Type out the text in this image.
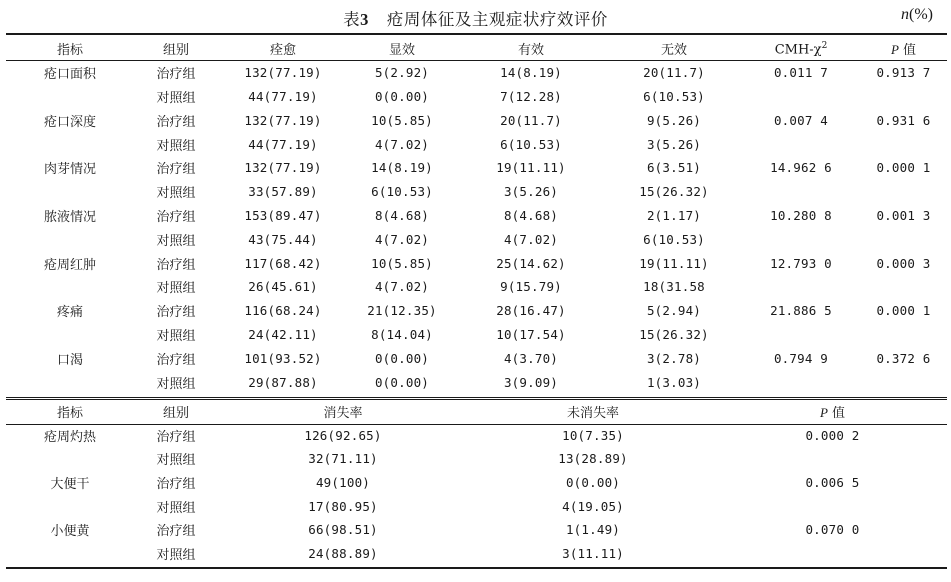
表3 疮周体征及主观症状疗效评价	n(%)
指标	组别	痊愈	显效	有效	无效	CMH-$\chi^2$	P 值
疮口面积	治疗组	132(77.19)	5(2.92)	14(8.19)	20(11.7)	0.011 7	0.913 7
	对照组	44(77.19)	0(0.00)	7(12.28)	6(10.53)		
疮口深度	治疗组	132(77.19)	10(5.85)	20(11.7)	9(5.26)	0.007 4	0.931 6
	对照组	44(77.19)	4(7.02)	6(10.53)	3(5.26)		
肉芽情况	治疗组	132(77.19)	14(8.19)	19(11.11)	6(3.51)	14.962 6	0.000 1
	对照组	33(57.89)	6(10.53)	3(5.26)	15(26.32)		
脓液情况	治疗组	153(89.47)	8(4.68)	8(4.68)	2(1.17)	10.280 8	0.001 3
	对照组	43(75.44)	4(7.02)	4(7.02)	6(10.53)		
疮周红肿	治疗组	117(68.42)	10(5.85)	25(14.62)	19(11.11)	12.793 0	0.000 3
	对照组	26(45.61)	4(7.02)	9(15.79)	18(31.58		
疼痛	治疗组	116(68.24)	21(12.35)	28(16.47)	5(2.94)	21.886 5	0.000 1
	对照组	24(42.11)	8(14.04)	10(17.54)	15(26.32)		
口渴	治疗组	101(93.52)	0(0.00)	4(3.70)	3(2.78)	0.794 9	0.372 6
	对照组	29(87.88)	0(0.00)	3(9.09)	1(3.03)		
指标	组别	消失率	未消失率	P 值
疮周灼热	治疗组	126(92.65)	10(7.35)	0.000 2
	对照组	32(71.11)	13(28.89)	
大便干	治疗组	49(100)	0(0.00)	0.006 5
	对照组	17(80.95)	4(19.05)	
小便黄	治疗组	66(98.51)	1(1.49)	0.070 0
	对照组	24(88.89)	3(11.11)	
